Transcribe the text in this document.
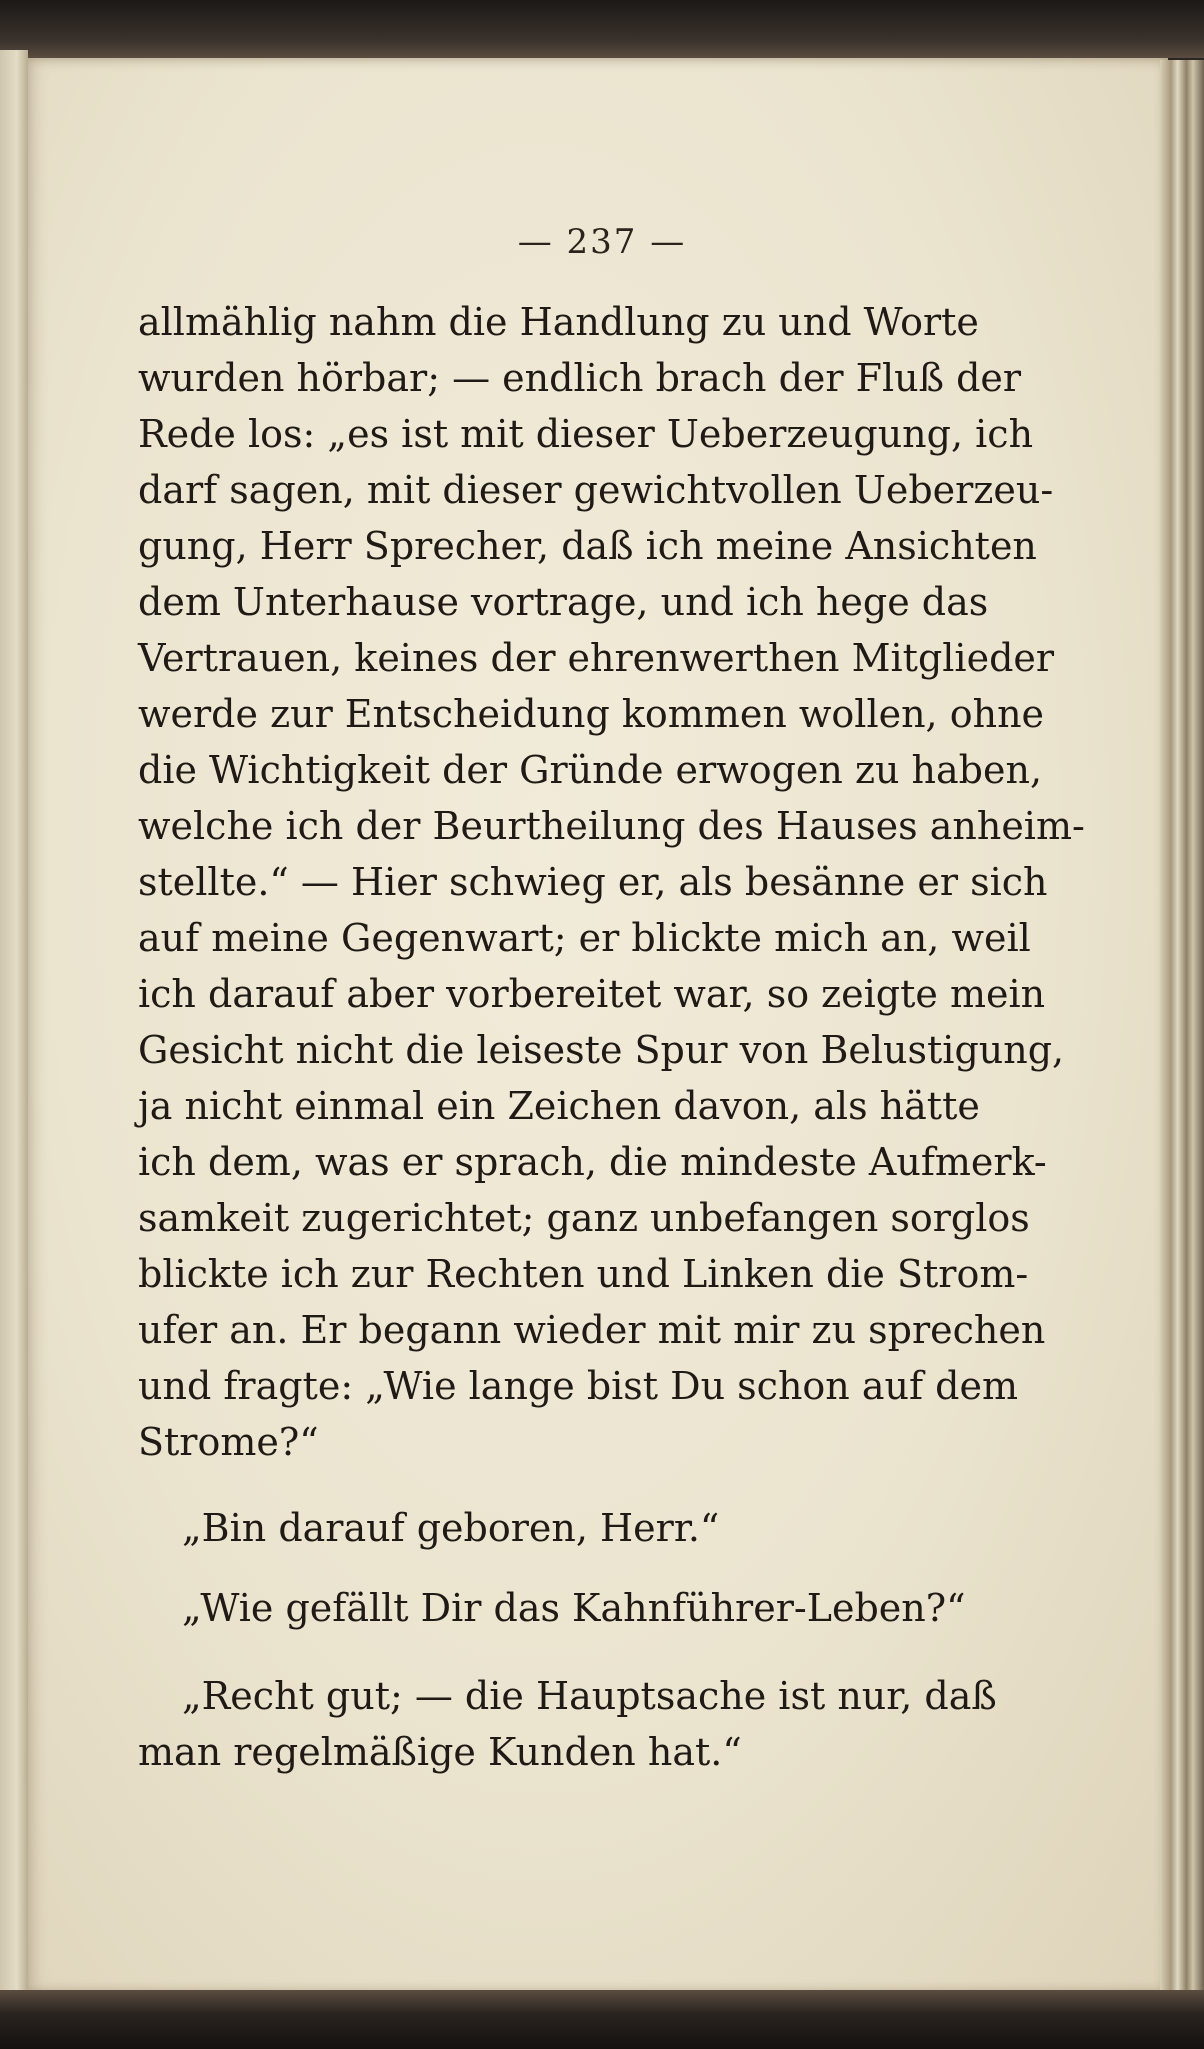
— 237 —
allmählig nahm die Handlung zu und Worte
wurden hörbar; — endlich brach der Fluß der
Rede los: „es ist mit dieser Ueberzeugung, ich
darf sagen, mit dieser gewichtvollen Ueberzeu-
gung, Herr Sprecher, daß ich meine Ansichten
dem Unterhause vortrage, und ich hege das
Vertrauen, keines der ehrenwerthen Mitglieder
werde zur Entscheidung kommen wollen, ohne
die Wichtigkeit der Gründe erwogen zu haben,
welche ich der Beurtheilung des Hauses anheim-
stellte.“ — Hier schwieg er, als besänne er sich
auf meine Gegenwart; er blickte mich an, weil
ich darauf aber vorbereitet war, so zeigte mein
Gesicht nicht die leiseste Spur von Belustigung,
ja nicht einmal ein Zeichen davon, als hätte
ich dem, was er sprach, die mindeste Aufmerk-
samkeit zugerichtet; ganz unbefangen sorglos
blickte ich zur Rechten und Linken die Strom-
ufer an. Er begann wieder mit mir zu sprechen
und fragte: „Wie lange bist Du schon auf dem
Strome?“
„Bin darauf geboren, Herr.“
„Wie gefällt Dir das Kahnführer-Leben?“
„Recht gut; — die Hauptsache ist nur, daß
man regelmäßige Kunden hat.“
